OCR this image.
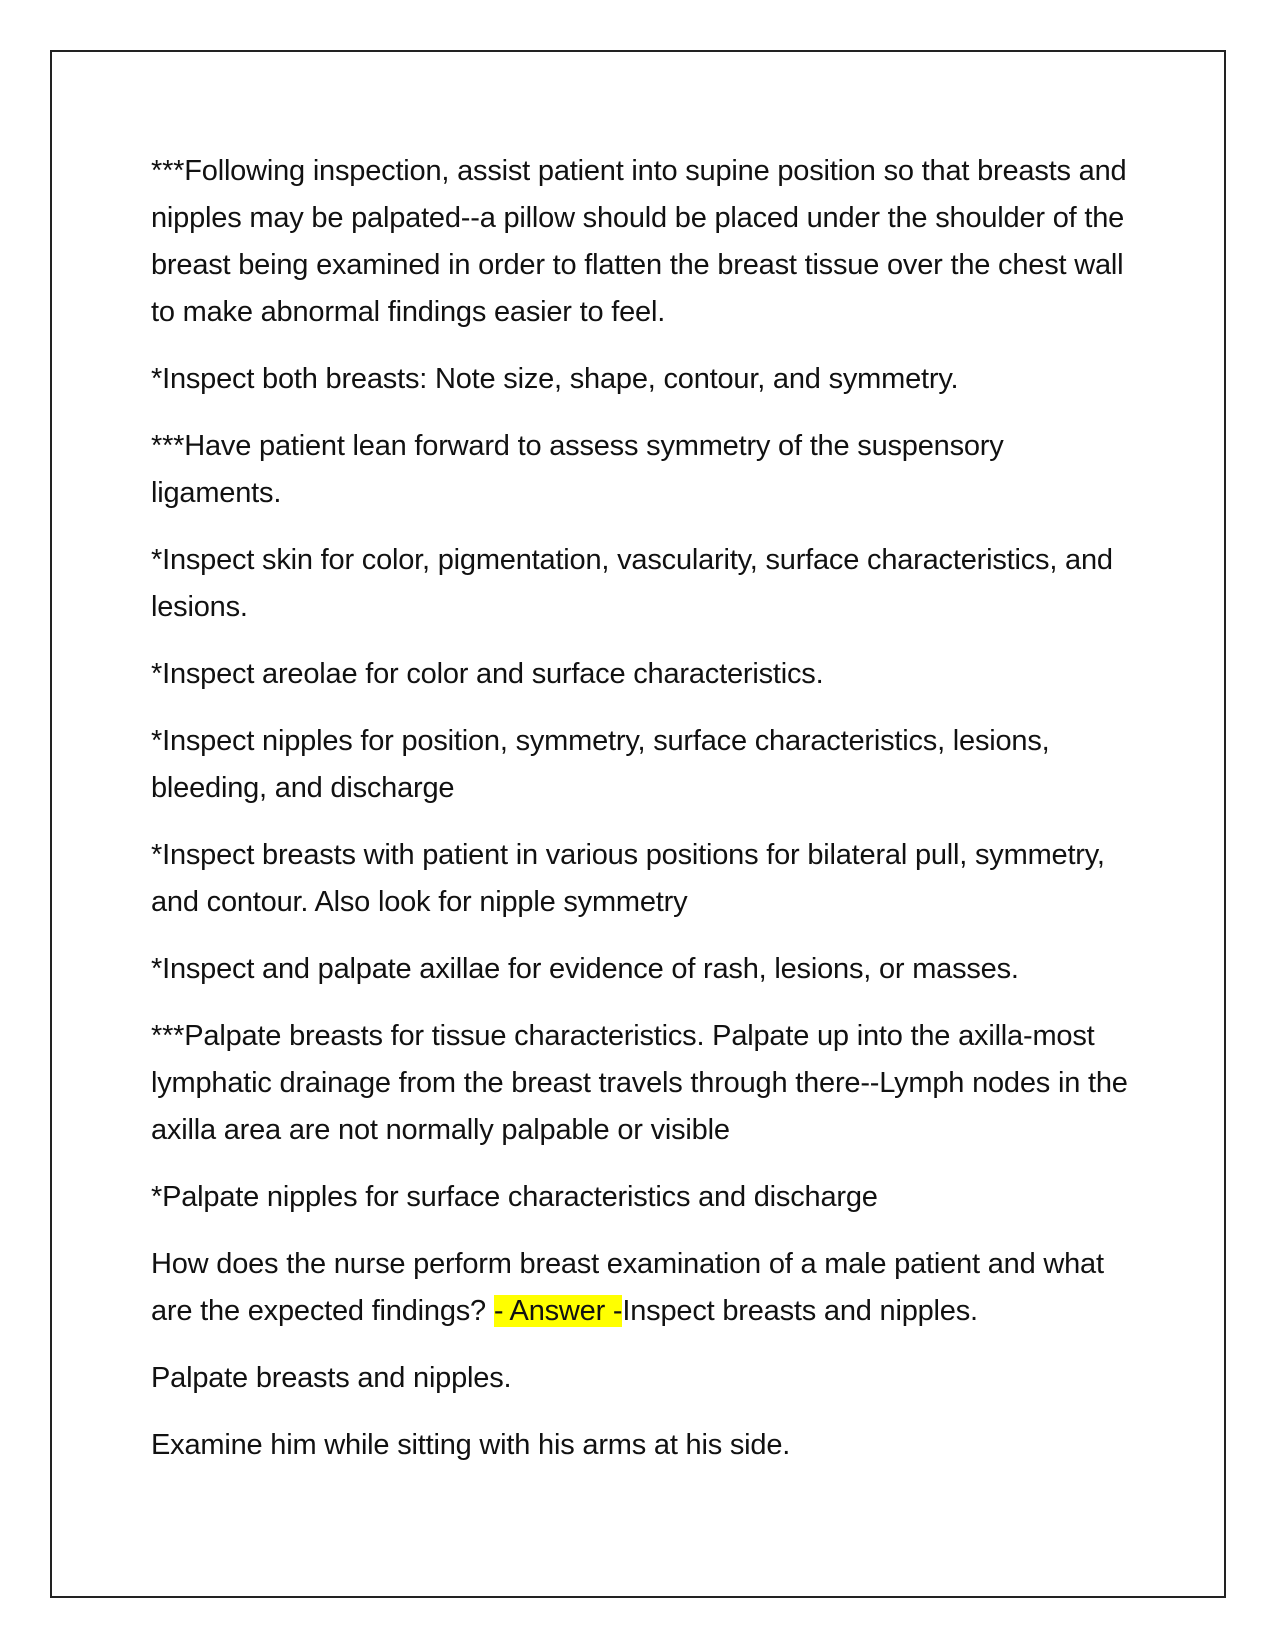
***Following inspection, assist patient into supine position so that breasts and nipples may be palpated--a pillow should be placed under the shoulder of the breast being examined in order to flatten the breast tissue over the chest wall to make abnormal findings easier to feel.

*Inspect both breasts: Note size, shape, contour, and symmetry.

***Have patient lean forward to assess symmetry of the suspensory ligaments.

*Inspect skin for color, pigmentation, vascularity, surface characteristics, and lesions.

*Inspect areolae for color and surface characteristics.

*Inspect nipples for position, symmetry, surface characteristics, lesions, bleeding, and discharge

*Inspect breasts with patient in various positions for bilateral pull, symmetry, and contour. Also look for nipple symmetry

*Inspect and palpate axillae for evidence of rash, lesions, or masses.

***Palpate breasts for tissue characteristics. Palpate up into the axilla-most lymphatic drainage from the breast travels through there--Lymph nodes in the axilla area are not normally palpable or visible

*Palpate nipples for surface characteristics and discharge

How does the nurse perform breast examination of a male patient and what are the expected findings? - Answer -Inspect breasts and nipples.

Palpate breasts and nipples.

Examine him while sitting with his arms at his side.
